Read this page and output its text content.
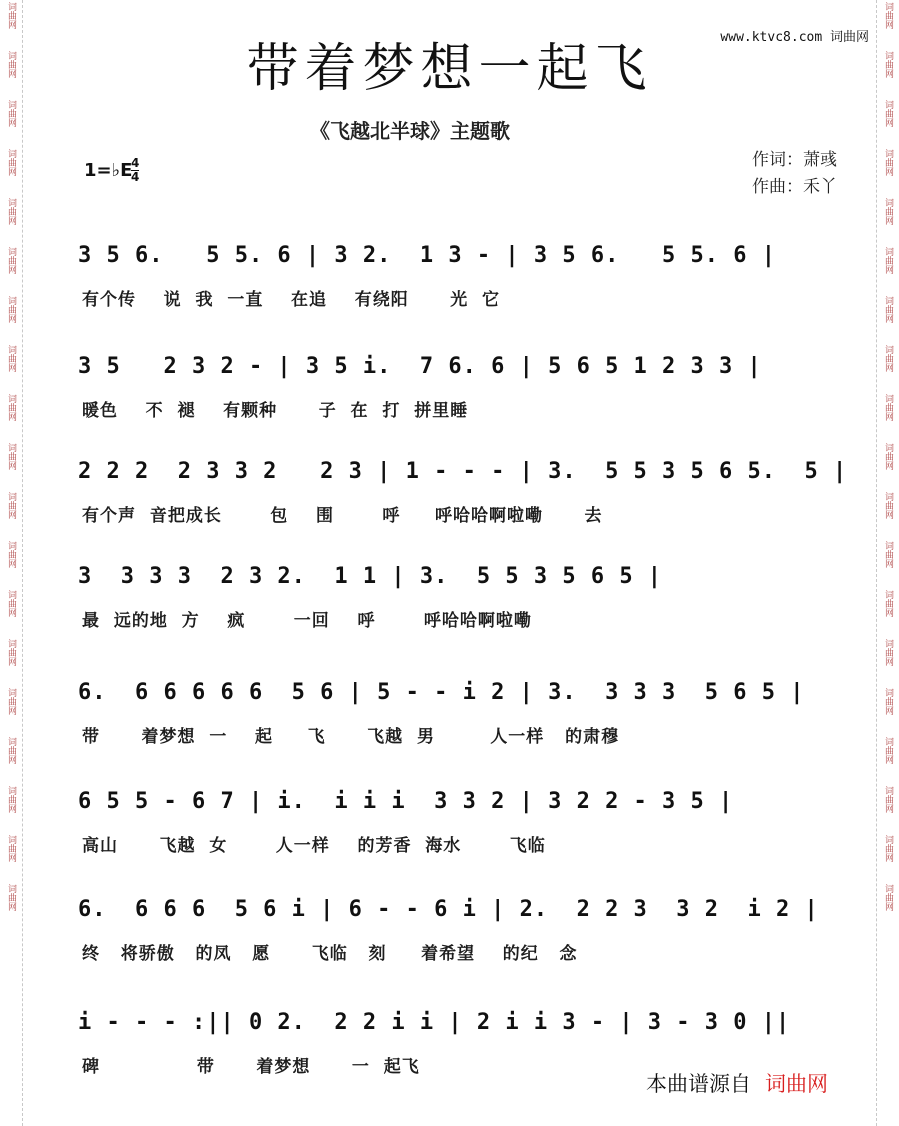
词曲网
词曲网
词曲网
词曲网
词曲网
词曲网
词曲网
词曲网
词曲网
词曲网
词曲网
词曲网
词曲网
词曲网
词曲网
词曲网
词曲网
词曲网
词曲网
词曲网
词曲网
词曲网
词曲网
词曲网
词曲网
词曲网
词曲网
词曲网
词曲网
词曲网
词曲网
词曲网
词曲网
词曲网
词曲网
词曲网
词曲网
词曲网
www.ktvc8.com 词曲网
带着梦想一起飞
《飞越北半球》主题歌
作词：萧彧
作曲：禾丫
1=♭E
4
4
3 5 6.   5 5. 6 | 3 2.  1 3 - | 3 5 6.   5 5. 6 |
有个传    说  我  一直    在追    有绕阳      光  它
3 5   2 3 2 - | 3 5 i.  7 6. 6 | 5 6 5 1 2 3 3 |
暖色    不  褪    有颗种      子  在  打  拼里睡
2 2 2  2 3 3 2   2 3 | 1 - - - | 3.  5 5 3 5 6 5.  5 |
有个声  音把成长       包    围       呼     呼哈哈啊啦嘞      去
3  3 3 3  2 3 2.  1 1 | 3.  5 5 3 5 6 5 |
最  远的地  方    疯       一回    呼       呼哈哈啊啦嘞
6.  6 6 6 6 6  5 6 | 5 - - i 2 | 3.  3 3 3  5 6 5 |
带      着梦想  一    起     飞      飞越  男        人一样   的肃穆
6 5 5 - 6 7 | i.  i i i  3 3 2 | 3 2 2 - 3 5 |
高山      飞越  女       人一样    的芳香  海水       飞临
6.  6 6 6  5 6 i | 6 - - 6 i | 2.  2 2 3  3 2  i 2 |
终   将骄傲   的凤   愿      飞临   刻     着希望    的纪   念
i - - - :|| 0 2.  2 2 i i | 2 i i 3 - | 3 - 3 0 ||
碑              带      着梦想      一  起飞
本曲谱源自 词曲网
